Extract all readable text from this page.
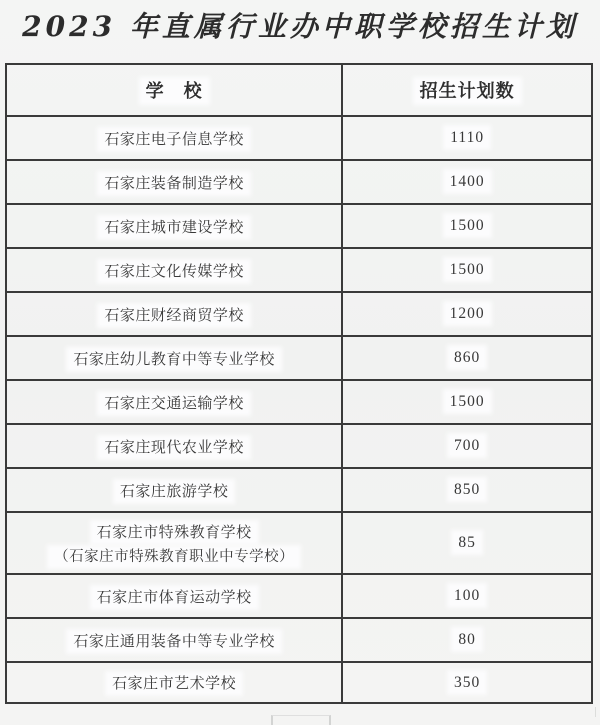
2023 年直属行业办中职学校招生计划
学　校	招生计划数

石家庄电子信息学校	1110

石家庄装备制造学校	1400

石家庄城市建设学校	1500

石家庄文化传媒学校	1500

石家庄财经商贸学校	1200

石家庄幼儿教育中等专业学校	860

石家庄交通运输学校	1500

石家庄现代农业学校	700

石家庄旅游学校	850

石家庄市特殊教育学校
（石家庄市特殊教育职业中专学校）	85

石家庄市体育运动学校	100

石家庄通用装备中等专业学校	80

石家庄市艺术学校	350
